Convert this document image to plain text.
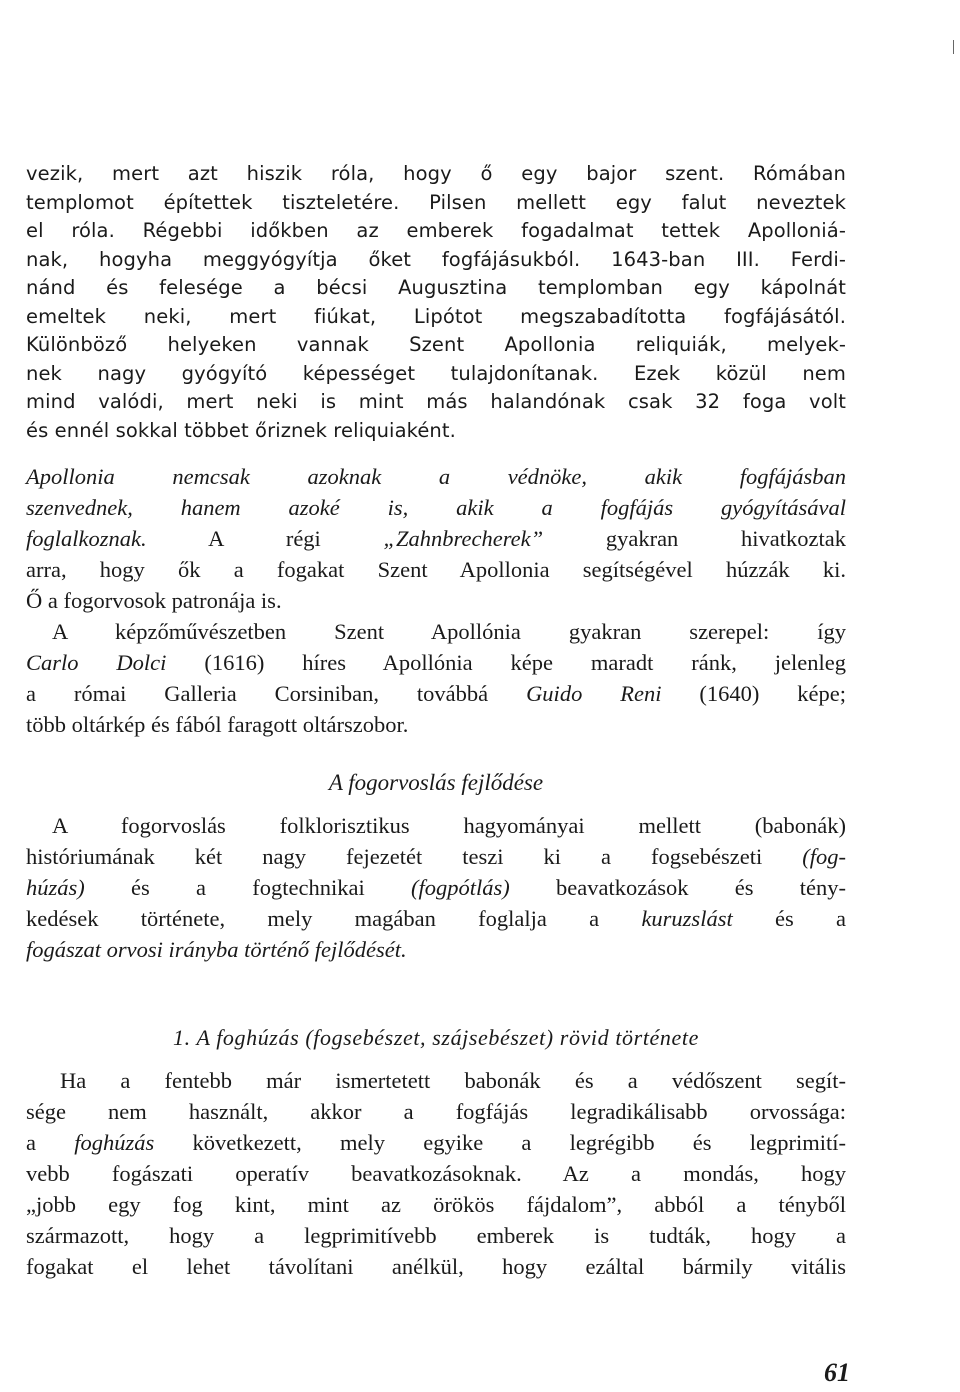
vezik, mert azt hiszik róla, hogy ő egy bajor szent. Rómában
templomot építettek tiszteletére. Pilsen mellett egy falut neveztek
el róla. Régebbi időkben az emberek fogadalmat tettek Apolloniá-
nak, hogyha meggyógyítja őket fogfájásukból. 1643-ban III. Ferdi-
nánd és felesége a bécsi Augusztina templomban egy kápolnát
emeltek neki, mert fiúkat, Lipótot megszabadította fogfájásától.
Különböző helyeken vannak Szent Apollonia reliquiák, melyek-
nek nagy gyógyító képességet tulajdonítanak. Ezek közül nem
mind valódi, mert neki is mint más halandónak csak 32 foga volt
és ennél sokkal többet őriznek reliquiaként.
Apollonia nemcsak azoknak a védnöke, akik fogfájásban
szenvednek, hanem azoké is, akik a fogfájás gyógyításával
foglalkoznak. A régi „Zahnbrecherek” gyakran hivatkoztak
arra, hogy ők a fogakat Szent Apollonia segítségével húzzák ki.
Ő a fogorvosok patronája is.
A képzőművészetben Szent Apollónia gyakran szerepel: így
Carlo Dolci (1616) híres Apollónia képe maradt ránk, jelenleg
a római Galleria Corsiniban, továbbá Guido Reni (1640) képe;
több oltárkép és fából faragott oltárszobor.
A fogorvoslás fejlődése
A fogorvoslás folklorisztikus hagyományai mellett (babonák)
históriumának két nagy fejezetét teszi ki a fogsebészeti (fog-
húzás) és a fogtechnikai (fogpótlás) beavatkozások és tény-
kedések története, mely magában foglalja a kuruzslást és a
fogászat orvosi irányba történő fejlődését.
1. A foghúzás (fogsebészet, szájsebészet) rövid története
Ha a fentebb már ismertetett babonák és a védőszent segít-
sége nem használt, akkor a fogfájás legradikálisabb orvossága:
a foghúzás következett, mely egyike a legrégibb és legprimití-
vebb fogászati operatív beavatkozásoknak. Az a mondás, hogy
„jobb egy fog kint, mint az örökös fájdalom”, abból a tényből
származott, hogy a legprimitívebb emberek is tudták, hogy a
fogakat el lehet távolítani anélkül, hogy ezáltal bármily vitális
61
